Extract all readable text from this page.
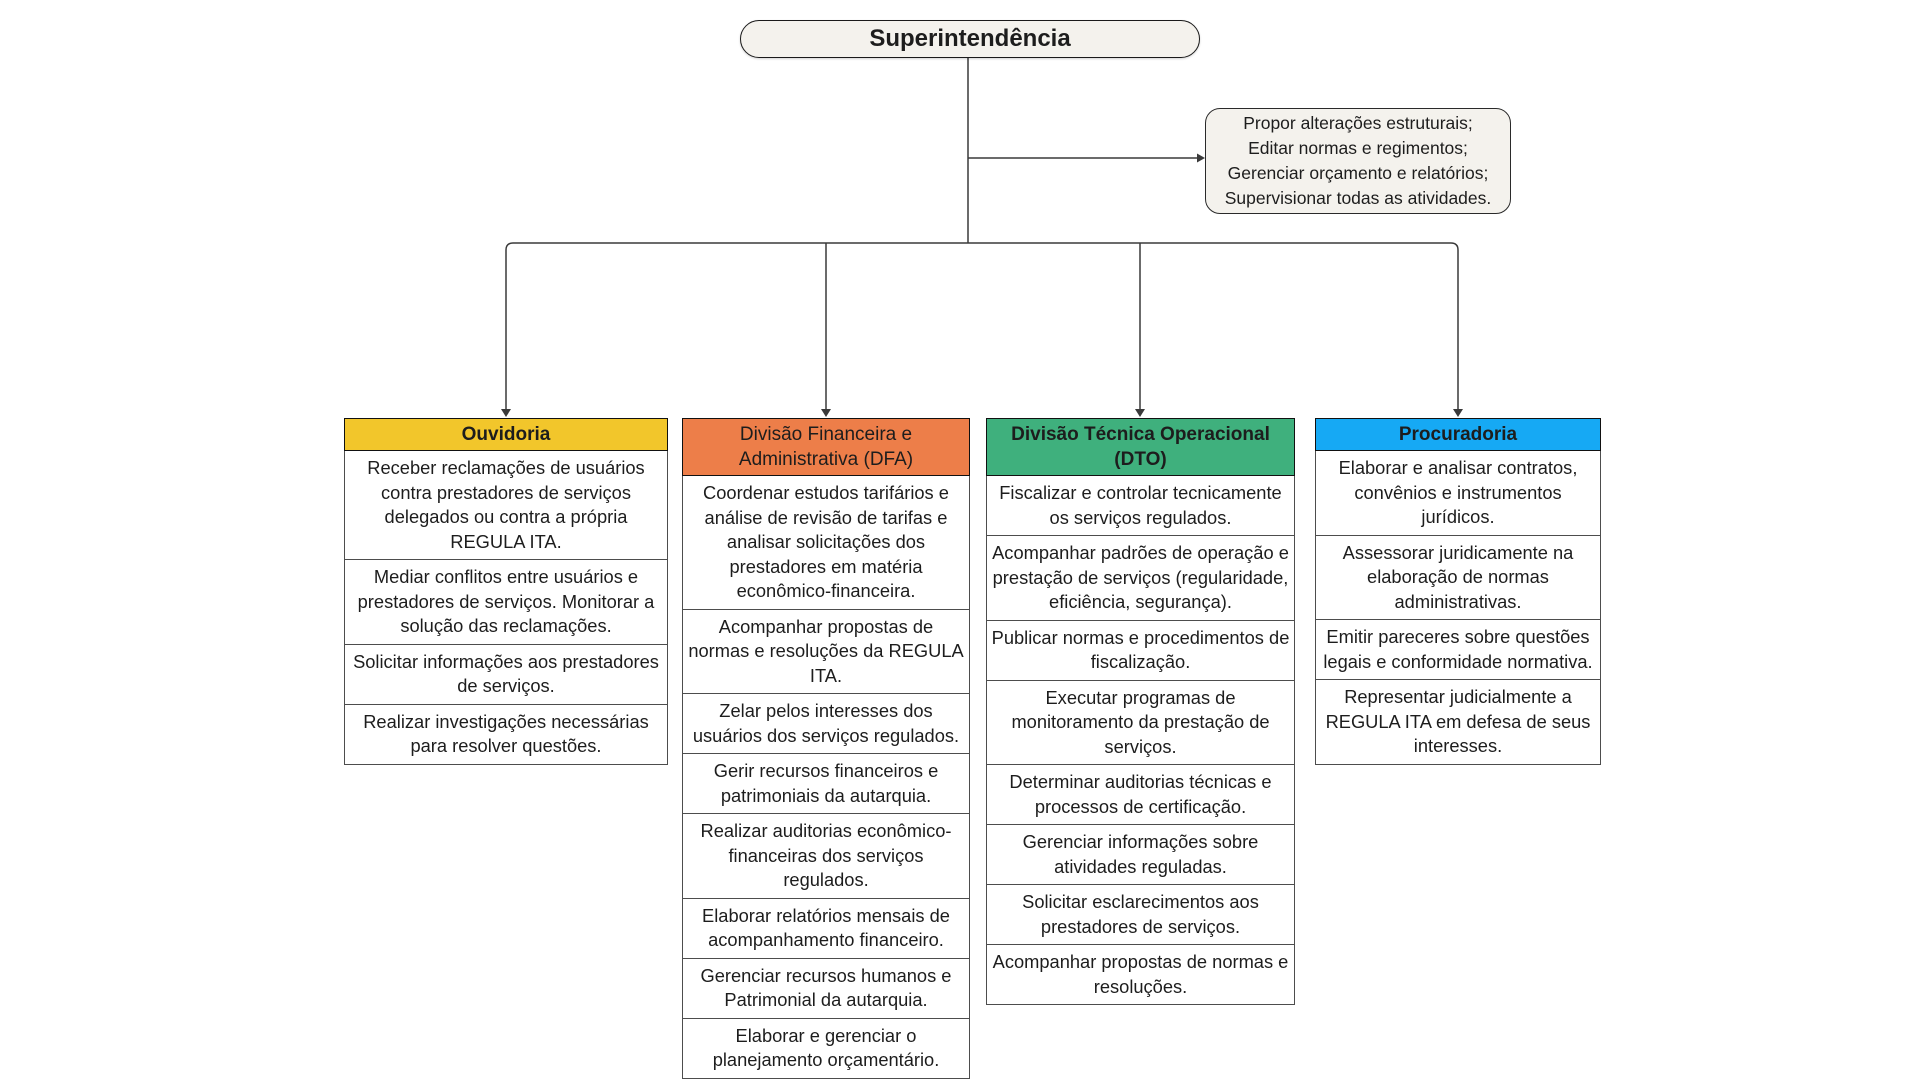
Superintendência
Propor alterações estruturais;
Editar normas e regimentos;
Gerenciar orçamento e relatórios;
Supervisionar todas as atividades.
Ouvidoria
Receber reclamações de usuários contra prestadores de serviços delegados ou contra a própria REGULA ITA.
Mediar conflitos entre usuários e prestadores de serviços. Monitorar a solução das reclamações.
Solicitar informações aos prestadores de serviços.
Realizar investigações necessárias para resolver questões.
Divisão Financeira e Administrativa (DFA)
Coordenar estudos tarifários e análise de revisão de tarifas e analisar solicitações dos prestadores em matéria econômico-financeira.
Acompanhar propostas de normas e resoluções da REGULA ITA.
Zelar pelos interesses dos usuários dos serviços regulados.
Gerir recursos financeiros e patrimoniais da autarquia.
Realizar auditorias econômico-financeiras dos serviços regulados.
Elaborar relatórios mensais de acompanhamento financeiro.
Gerenciar recursos humanos e Patrimonial da autarquia.
Elaborar e gerenciar o planejamento orçamentário.
Divisão Técnica Operacional (DTO)
Fiscalizar e controlar tecnicamente os serviços regulados.
Acompanhar padrões de operação e prestação de serviços (regularidade, eficiência, segurança).
Publicar normas e procedimentos de fiscalização.
Executar programas de monitoramento da prestação de serviços.
Determinar auditorias técnicas e processos de certificação.
Gerenciar informações sobre atividades reguladas.
Solicitar esclarecimentos aos prestadores de serviços.
Acompanhar propostas de normas e resoluções.
Procuradoria
Elaborar e analisar contratos, convênios e instrumentos jurídicos.
Assessorar juridicamente na elaboração de normas administrativas.
Emitir pareceres sobre questões legais e conformidade normativa.
Representar judicialmente a REGULA ITA em defesa de seus interesses.
